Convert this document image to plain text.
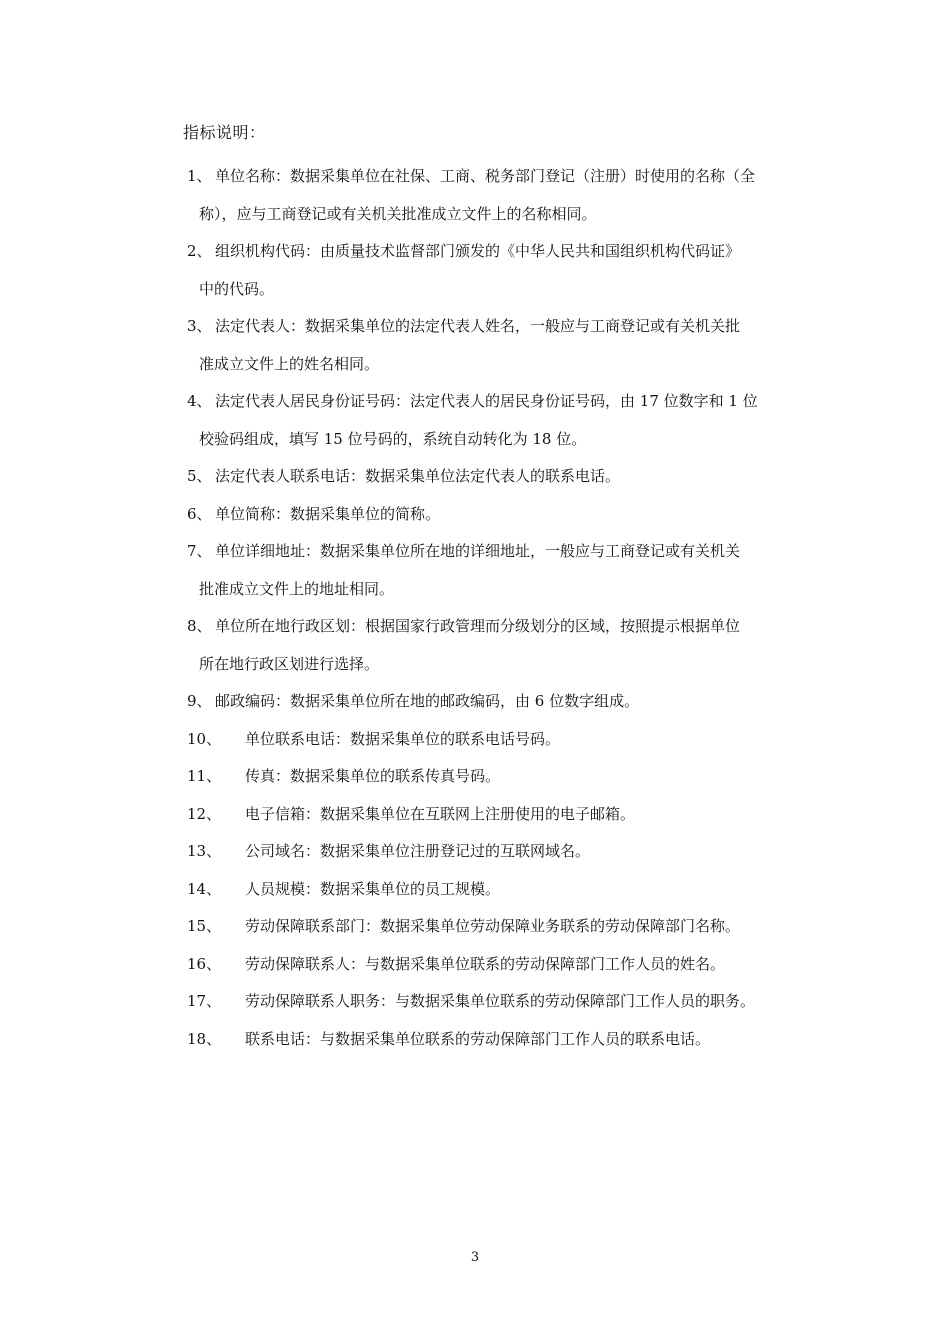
指标说明：
1、 单位名称：数据采集单位在社保、工商、税务部门登记（注册）时使用的名称（全
称），应与工商登记或有关机关批准成立文件上的名称相同。
2、 组织机构代码：由质量技术监督部门颁发的《中华人民共和国组织机构代码证》
中的代码。
3、 法定代表人：数据采集单位的法定代表人姓名，一般应与工商登记或有关机关批
准成立文件上的姓名相同。
4、 法定代表人居民身份证号码：法定代表人的居民身份证号码，由 17 位数字和 1 位
校验码组成，填写 15 位号码的，系统自动转化为 18 位。
5、 法定代表人联系电话：数据采集单位法定代表人的联系电话。
6、 单位简称：数据采集单位的简称。
7、 单位详细地址：数据采集单位所在地的详细地址，一般应与工商登记或有关机关
批准成立文件上的地址相同。
8、 单位所在地行政区划：根据国家行政管理而分级划分的区域，按照提示根据单位
所在地行政区划进行选择。
9、 邮政编码：数据采集单位所在地的邮政编码，由 6 位数字组成。
10、 单位联系电话：数据采集单位的联系电话号码。
11、 传真：数据采集单位的联系传真号码。
12、 电子信箱：数据采集单位在互联网上注册使用的电子邮箱。
13、 公司域名：数据采集单位注册登记过的互联网域名。
14、 人员规模：数据采集单位的员工规模。
15、 劳动保障联系部门：数据采集单位劳动保障业务联系的劳动保障部门名称。
16、 劳动保障联系人：与数据采集单位联系的劳动保障部门工作人员的姓名。
17、 劳动保障联系人职务：与数据采集单位联系的劳动保障部门工作人员的职务。
18、 联系电话：与数据采集单位联系的劳动保障部门工作人员的联系电话。
3
